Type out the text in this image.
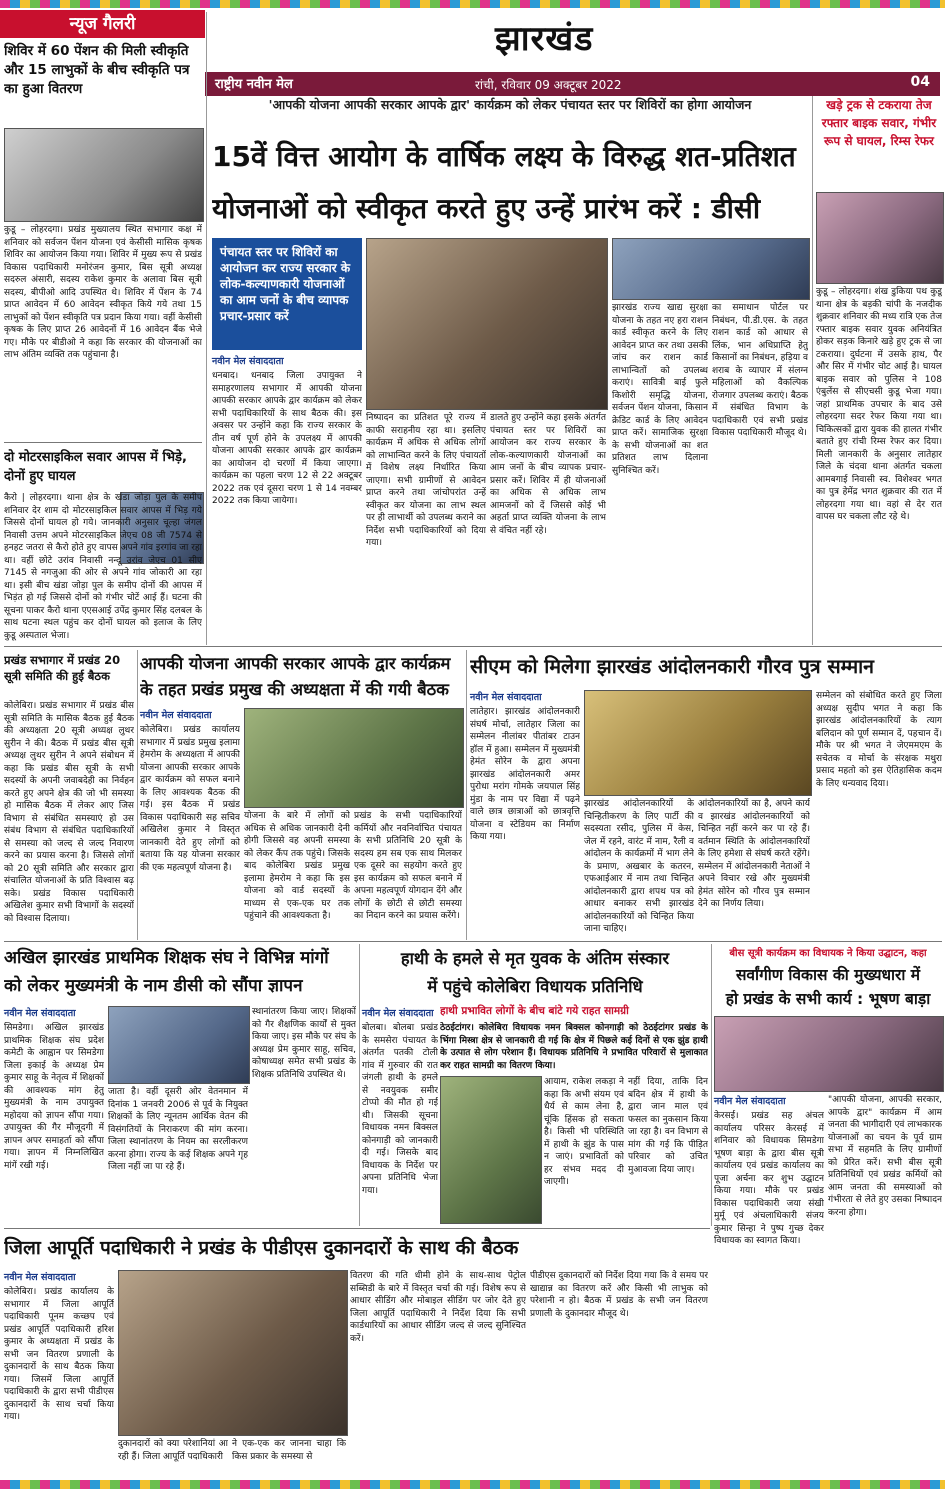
झारखंड
राष्ट्रीय नवीन मेल	रांची, रविवार 09 अक्टूबर 2022	04
न्यूज गैलरी
शिविर में 60 पेंशन की मिली स्वीकृति और 15 लाभुकों के बीच स्वीकृति पत्र का हुआ वितरण
कुडू – लोहरदगा। प्रखंड मुख्यालय स्थित सभागार कक्ष में शनिवार को सर्वजन पेंशन योजना एवं केसीसी मासिक कृषक शिविर का आयोजन किया गया। शिविर में मुख्य रूप से प्रखंड विकास पदाधिकारी मनोरंजन कुमार, बिस सूत्री अध्यक्ष सदरुल अंसारी, सदस्य राकेश कुमार के अलावा बिस सूत्री सदस्य, बीपीओ आदि उपस्थित थे। शिविर में पेंशन के 74 प्राप्त आवेदन में 60 आवेदन स्वीकृत किये गये तथा 15 लाभुकों को पेंशन स्वीकृति पत्र प्रदान किया गया। वहीं केसीसी कृषक के लिए प्राप्त 26 आवेदनों में 16 आवेदन बैंक भेजे गए। मौके पर बीडीओ ने कहा कि सरकार की योजनाओं का लाभ अंतिम व्यक्ति तक पहुंचाना है।
दो मोटरसाइकिल सवार आपस में भिड़े, दोनों हुए घायल
कैरो | लोहरदगा। थाना क्षेत्र के खंडा जोड़ा पुल के समीप शनिवार देर शाम दो मोटरसाइकिल सवार आपस में भिड़ गये जिससे दोनों घायल हो गये। जानकारी अनुसार चूल्हा जंगल निवासी उत्तम अपने मोटरसाइकिल जेएच 08 जी 7574 से हनहट जतरा से कैरो होते हुए वापस अपने गांव इरगांव जा रहा था। वहीं छोटे उरांव निवासी नन्दू उरांव जेएच 01 सीए 7145 से नगजुआ की ओर से अपने गांव जोकारी आ रहा था। इसी बीच खंडा जोड़ा पुल के समीप दोनों की आपस में भिड़ंत हो गई जिससे दोनों को गंभीर चोटें आई हैं। घटना की सूचना पाकर कैरो थाना एएसआई उपेंद्र कुमार सिंह दलबल के साथ घटना स्थल पहुंच कर दोनों घायल को इलाज के लिए कुडू अस्पताल भेजा।
'आपकी योजना आपकी सरकार आपके द्वार' कार्यक्रम को लेकर पंचायत स्तर पर शिविरों का होगा आयोजन
15वें वित्त आयोग के वार्षिक लक्ष्य के विरुद्ध शत-प्रतिशत
योजनाओं को स्वीकृत करते हुए उन्हें प्रारंभ करें : डीसी
पंचायत स्तर पर शिविरों का आयोजन कर राज्य सरकार के लोक-कल्याणकारी योजनाओं का आम जनों के बीच व्यापक प्रचार-प्रसार करें
नवीन मेल संवाददाता
धनबाद। धनबाद जिला उपायुक्त ने समाहरणालय सभागार में आपकी योजना आपकी सरकार आपके द्वार कार्यक्रम को लेकर सभी पदाधिकारियों के साथ बैठक की। इस अवसर पर उन्होंने कहा कि राज्य सरकार के तीन वर्ष पूर्ण होने के उपलक्ष्य में आपकी योजना आपकी सरकार आपके द्वार कार्यक्रम का आयोजन दो चरणों में किया जाएगा। कार्यक्रम का पहला चरण 12 से 22 अक्टूबर 2022 तक एवं दूसरा चरण 1 से 14 नवम्बर 2022 तक किया जायेगा।
निष्पादन का प्रतिशत पूरे राज्य में काफी सराहनीय रहा था। इसलिए कार्यक्रम में अधिक से अधिक लोगों को लाभान्वित करने के लिए पंचायतों में विशेष लक्ष्य निर्धारित किया जाएगा। सभी ग्रामीणों से आवेदन प्राप्त करने तथा जांचोपरांत उन्हें स्वीकृत कर योजना का लाभ स्थल पर ही लाभार्थी को उपलब्ध कराने का निर्देश सभी पदाधिकारियों को दिया गया।
डालते हुए उन्होंने कहा इसके अंतर्गत पंचायत स्तर पर शिविरों का आयोजन कर राज्य सरकार के लोक-कल्याणकारी योजनाओं का आम जनों के बीच व्यापक प्रचार-प्रसार करें। शिविर में ही योजनाओं का अधिक से अधिक लाभ आमजनों को दें जिससे कोई भी अहर्ता प्राप्त व्यक्ति योजना के लाभ से वंचित नहीं रहे।
झारखंड राज्य खाद्य सुरक्षा योजना के तहत नए हरा राशन कार्ड स्वीकृत करने के लिए आवेदन प्राप्त कर तथा उसकी जांच कर राशन कार्ड लाभान्वितों को उपलब्ध कराएं। सावित्री बाई फुले किशोरी समृद्धि योजना, सर्वजन पेंशन योजना, किसान क्रेडिट कार्ड के लिए आवेदन प्राप्त करें। सामाजिक सुरक्षा के सभी योजनाओं का शत प्रतिशत लाभ दिलाना सुनिश्चित करें।
का समाधान पोर्टल पर निबंधन, पी.डी.एस. के तहत राशन कार्ड को आधार से लिंक, भान अधिप्राप्ति हेतु किसानों का निबंधन, हड़िया व शराब के व्यापार में संलग्न महिलाओं को वैकल्पिक रोजगार उपलब्ध कराएं। बैठक में संबंधित विभाग के पदाधिकारी एवं सभी प्रखंड विकास पदाधिकारी मौजूद थे।
खड़े ट्रक से टकराया तेज रफ्तार बाइक सवार, गंभीर रूप से घायल, रिम्स रेफर
कुडू – लोहरदगा। शंख डुकिया पथ कुडू थाना क्षेत्र के बड़की चांपी के नजदीक शुक्रवार शनिवार की मध्य रात्रि एक तेज रफ्तार बाइक सवार युवक अनियंत्रित होकर सड़क किनारे खड़े हुए ट्रक से जा टकराया। दुर्घटना में उसके हाथ, पैर और सिर में गंभीर चोट आई है। घायल बाइक सवार को पुलिस ने 108 एंबुलेंस से सीएचसी कुडू भेजा गया। जहां प्राथमिक उपचार के बाद उसे लोहरदगा सदर रेफर किया गया था। चिकित्सकों द्वारा युवक की हालत गंभीर बताते हुए रांची रिम्स रेफर कर दिया। मिली जानकारी के अनुसार लातेहार जिले के चंदवा थाना अंतर्गत चकला आमबगाई निवासी स्व. विशेश्वर भगत का पुत्र हेमेंद्र भगत शुक्रवार की रात में लोहरदगा गया था। वहां से देर रात वापस घर चकला लौट रहे थे।
प्रखंड सभागार में प्रखंड 20 सूत्री समिति की हुई बैठक
कोलेबिरा। प्रखंड सभागार में प्रखंड बीस सूत्री समिति के मासिक बैठक हुई बैठक की अध्यक्षता 20 सूत्री अध्यक्ष लुथर सुरीन ने की। बैठक में प्रखंड बीस सूत्री अध्यक्ष लुथर सुरीन ने अपने संबोधन में कहा कि प्रखंड बीस सूत्री के सभी सदस्यों के अपनी जवाबदेही का निर्वहन करते हुए अपने क्षेत्र की जो भी समस्या हो मासिक बैठक में लेकर आए जिस विभाग से संबंधित समस्याएं हो उस संबंध विभाग से संबंधित पदाधिकारियों से समस्या को जल्द से जल्द निवारण करने का प्रयास करना है। जिससे लोगों को 20 सूत्री समिति और सरकार द्वारा संचालित योजनाओं के प्रति विश्वास बढ़ सके। प्रखंड विकास पदाधिकारी अखिलेश कुमार सभी विभागों के सदस्यों को विश्वास दिलाया।
आपकी योजना आपकी सरकार आपके द्वार कार्यक्रम
के तहत प्रखंड प्रमुख की अध्यक्षता में की गयी बैठक
नवीन मेल संवाददाता
कोलेबिरा। प्रखंड कार्यालय सभागार में प्रखंड प्रमुख इलामा हेमरोम के अध्यक्षता में आपकी योजना आपकी सरकार आपके द्वार कार्यक्रम को सफल बनाने के लिए आवश्यक बैठक की गई। इस बैठक में प्रखंड विकास पदाधिकारी सह सचिव अखिलेश कुमार ने विस्तृत जानकारी देते हुए लोगों को बताया कि यह योजना सरकार की एक महत्वपूर्ण योजना है।
योजना के बारे में लोगों को अधिक से अधिक जानकारी देनी होगी जिससे वह अपनी समस्या को लेकर कैंप तक पहुंचे। जिसके बाद कोलेबिरा प्रखंड प्रमुख इलामा हेमरोम ने कहा कि इस योजना को वार्ड सदस्यों के माध्यम से एक-एक घर तक पहुंचाने की आवश्यकता है।
प्रखंड के सभी पदाधिकारियों कर्मियों और नवनिर्वाचित पंचायत के सभी प्रतिनिधि 20 सूत्री के सदस्य हम सब एक साथ मिलकर एक दूसरे का सहयोग करते हुए इस कार्यक्रम को सफल बनाने में अपना महत्वपूर्ण योगदान देंगे और लोगों के छोटी से छोटी समस्या का निदान करने का प्रयास करेंगे।
सीएम को मिलेगा झारखंड आंदोलनकारी गौरव पुत्र सम्मान
नवीन मेल संवाददाता
लातेहार। झारखंड आंदोलनकारी संघर्ष मोर्चा, लातेहार जिला का सम्मेलन नीलांबर पीतांबर टाउन हॉल में हुआ। सम्मेलन में मुख्यमंत्री हेमंत सोरेन के द्वारा अपना झारखंड आंदोलनकारी अमर पुरोधा मरांग गोमके जयपाल सिंह मुंडा के नाम पर विद्या में पढ़ने वाले छात्र छात्राओं को छात्रवृत्ति योजना व स्टेडियम का निर्माण किया गया।
झारखंड आंदोलनकारियों के चिन्हितीकरण के लिए पार्टी की सदस्यता रसीद, पुलिस में केस, जेल में रहने, वारंट में नाम, रैली व आंदोलन के कार्यक्रमों में भाग लेने के प्रमाण, अखबार के कतरन, एफआईआर में नाम तथा चिन्हित आंदोलनकारी द्वारा शपथ पत्र को आधार बनाकर सभी झारखंड आंदोलनकारियों को चिन्हित किया जाना चाहिए।
आंदोलनकारियों का है, अपने कार्य व झारखंड आंदोलनकारियों को चिन्हित नहीं करने कर पा रहे हैं। वर्तमान स्थिति के आंदोलनकारियों के लिए हमेशा से संघर्ष करते रहेंगे। सम्मेलन में आंदोलनकारी नेताओं ने अपने विचार रखे और मुख्यमंत्री हेमंत सोरेन को गौरव पुत्र सम्मान देने का निर्णय लिया।
सम्मेलन को संबोधित करते हुए जिला अध्यक्ष सुदीप भगत ने कहा कि झारखंड आंदोलनकारियों के त्याग बलिदान को पूर्ण सम्मान दें, पहचान दें। मौके पर श्री भगत ने जेएममएम के सचेतक व मोर्चा के संरक्षक मथुरा प्रसाद महतो को इस ऐतिहासिक कदम के लिए धन्यवाद दिया।
अखिल झारखंड प्राथमिक शिक्षक संघ ने विभिन्न मांगों
को लेकर मुख्यमंत्री के नाम डीसी को सौंपा ज्ञापन
नवीन मेल संवाददाता
सिमडेगा। अखिल झारखंड प्राथमिक शिक्षक संघ प्रदेश कमेटी के आह्वान पर सिमडेगा जिला इकाई के अध्यक्ष प्रेम कुमार साहू के नेतृत्व में शिक्षकों की आवश्यक मांग हेतु मुख्यमंत्री के नाम उपायुक्त महोदया को ज्ञापन सौंपा गया। उपायुक्त की गैर मौजूदगी में ज्ञापन अपर समाहर्ता को सौंपा गया। ज्ञापन में निम्नलिखित मांगें रखी गई।
जाता है। वहीं दूसरी ओर वेतनमान में दिनांक 1 जनवरी 2006 से पूर्व के नियुक्त शिक्षकों के लिए न्यूनतम आर्थिक वेतन की विसंगतियों के निराकरण की मांग करना। जिला स्थानांतरण के नियम का सरलीकरण करना होगा। राज्य के कई शिक्षक अपने गृह जिला नहीं जा पा रहे हैं।
स्थानांतरण किया जाए। शिक्षकों को गैर शैक्षणिक कार्यों से मुक्त किया जाए। इस मौके पर संघ के अध्यक्ष प्रेम कुमार साहू, सचिव, कोषाध्यक्ष समेत सभी प्रखंड के शिक्षक प्रतिनिधि उपस्थित थे।
हाथी के हमले से मृत युवक के अंतिम संस्कार
में पहुंचे कोलेबिरा विधायक प्रतिनिधि
हाथी प्रभावित लोगों के बीच बांटे गये राहत सामग्री
नवीन मेल संवाददाता
ठेठईटांगर। कोलेबिरा विधायक नमन बिक्सल कोनगाड़ी को ठेठईटांगर प्रखंड के भिंगा मिस्त्रा क्षेत्र से जानकारी दी गई कि क्षेत्र में पिछले कई दिनों से एक झुंड हाथी के उत्पात से लोग परेशान हैं। विधायक प्रतिनिधि ने प्रभावित परिवारों से मुलाकात कर राहत सामग्री का वितरण किया।
बोलबा। बोलबा प्रखंड के समसेरा पंचायत के अंतर्गत पतकी टोली गांव में गुरुवार की रात जंगली हाथी के हमले से नवयुवक समीर टोप्पो की मौत हो गई थी। जिसकी सूचना विधायक नमन बिक्सल कोनगाड़ी को जानकारी दी गई। जिसके बाद विधायक के निर्देश पर अपना प्रतिनिधि भेजा गया।
आयाम, राकेश लकड़ा ने कहा कि अभी संयम एवं धैर्य से काम लेना है, चूंकि हिंसक हो सकता है। किसी भी परिस्थिति में हाथी के झुंड के पास न जाएं। प्रभावितों को हर संभव मदद दी जाएगी।
नहीं दिया, ताकि दिन बदिन क्षेत्र में हाथी के द्वारा जान माल एवं फसल का नुकसान किया जा रहा है। वन विभाग से मांग की गई कि पीड़ित परिवार को उचित मुआवजा दिया जाए।
बीस सूत्री कार्यक्रम का विधायक ने किया उद्घाटन, कहा
सर्वांगीण विकास की मुख्यधारा में
हो प्रखंड के सभी कार्य : भूषण बाड़ा
नवीन मेल संवाददाता
केरसई। प्रखंड सह अंचल कार्यालय परिसर केरसई में शनिवार को विधायक सिमडेगा भूषण बाड़ा के द्वारा बीस सूत्री कार्यालय एवं प्रखंड कार्यालय का पूजा अर्चना कर शुभ उद्घाटन किया गया। मौके पर प्रखंड विकास पदाधिकारी जया संखी मुर्मू एवं अंचलाधिकारी संजय कुमार सिन्हा ने पुष्प गुच्छ देकर विधायक का स्वागत किया।
"आपकी योजना, आपकी सरकार, आपके द्वार" कार्यक्रम में आम जनता की भागीदारी एवं लाभकारक योजनाओं का चयन के पूर्व ग्राम सभा में सहमति के लिए ग्रामीणों को प्रेरित करें। सभी बीस सूत्री प्रतिनिधियों एवं प्रखंड कर्मियों को आम जनता की समस्याओं को गंभीरता से लेते हुए उसका निष्पादन करना होगा।
जिला आपूर्ति पदाधिकारी ने प्रखंड के पीडीएस दुकानदारों के साथ की बैठक
नवीन मेल संवाददाता
कोलेबिरा। प्रखंड कार्यालय के सभागार में जिला आपूर्ति पदाधिकारी पूनम कच्छप एवं प्रखंड आपूर्ति पदाधिकारी हरिश कुमार के अध्यक्षता में प्रखंड के सभी जन वितरण प्रणाली के दुकानदारों के साथ बैठक किया गया। जिसमें जिला आपूर्ति पदाधिकारी के द्वारा सभी पीडीएस दुकानदारों के साथ चर्चा किया गया।
दुकानदारों को क्या परेशानियां आ रही हैं। जिला आपूर्ति पदाधिकारी
ने एक-एक कर जानना चाहा कि किस प्रकार के समस्या से
वितरण की गति धीमी होने के साथ-साथ पेट्रोल सब्सिडी के बारे में विस्तृत चर्चा की गई। विशेष रूप से आधार सीडिंग और मोबाइल सीडिंग पर जोर देते हुए जिला आपूर्ति पदाधिकारी ने निर्देश दिया कि सभी कार्डधारियों का आधार सीडिंग जल्द से जल्द सुनिश्चित करें।
पीडीएस दुकानदारों को निर्देश दिया गया कि वे समय पर खाद्यान्न का वितरण करें और किसी भी लाभुक को परेशानी न हो। बैठक में प्रखंड के सभी जन वितरण प्रणाली के दुकानदार मौजूद थे।
